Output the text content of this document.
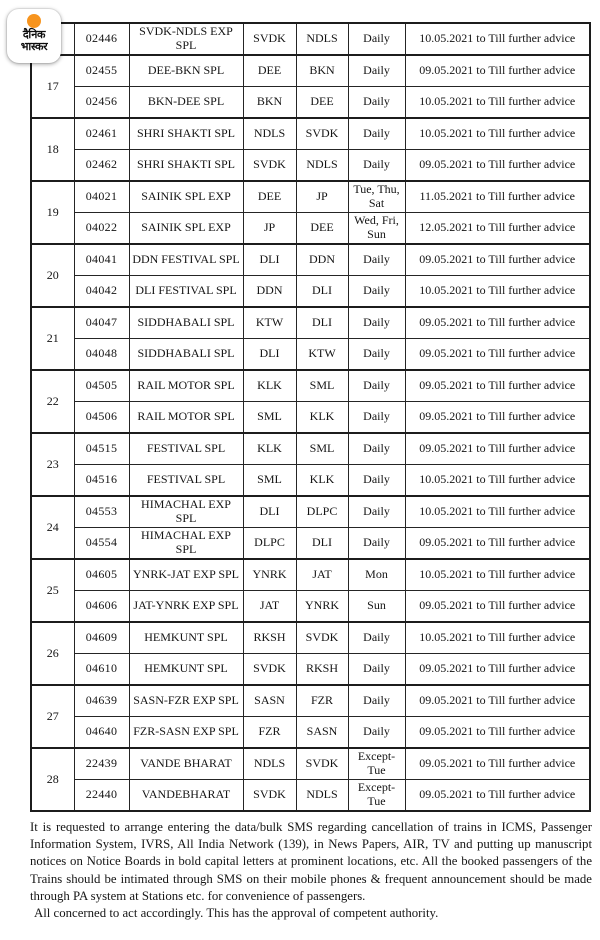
	02446	SVDK-NDLS EXP SPL	SVDK	NDLS	Daily	10.05.2021 to Till further advice
17	02455	DEE-BKN SPL	DEE	BKN	Daily	09.05.2021 to Till further advice
	02456	BKN-DEE SPL	BKN	DEE	Daily	10.05.2021 to Till further advice
18	02461	SHRI SHAKTI SPL	NDLS	SVDK	Daily	10.05.2021 to Till further advice
	02462	SHRI SHAKTI SPL	SVDK	NDLS	Daily	09.05.2021 to Till further advice
19	04021	SAINIK SPL EXP	DEE	JP	Tue, Thu, Sat	11.05.2021 to Till further advice
	04022	SAINIK SPL EXP	JP	DEE	Wed, Fri, Sun	12.05.2021 to Till further advice
20	04041	DDN FESTIVAL SPL	DLI	DDN	Daily	09.05.2021 to Till further advice
	04042	DLI FESTIVAL SPL	DDN	DLI	Daily	10.05.2021 to Till further advice
21	04047	SIDDHABALI SPL	KTW	DLI	Daily	09.05.2021 to Till further advice
	04048	SIDDHABALI SPL	DLI	KTW	Daily	09.05.2021 to Till further advice
22	04505	RAIL MOTOR SPL	KLK	SML	Daily	09.05.2021 to Till further advice
	04506	RAIL MOTOR SPL	SML	KLK	Daily	09.05.2021 to Till further advice
23	04515	FESTIVAL SPL	KLK	SML	Daily	09.05.2021 to Till further advice
	04516	FESTIVAL SPL	SML	KLK	Daily	10.05.2021 to Till further advice
24	04553	HIMACHAL EXP SPL	DLI	DLPC	Daily	10.05.2021 to Till further advice
	04554	HIMACHAL EXP SPL	DLPC	DLI	Daily	09.05.2021 to Till further advice
25	04605	YNRK-JAT EXP SPL	YNRK	JAT	Mon	10.05.2021 to Till further advice
	04606	JAT-YNRK EXP SPL	JAT	YNRK	Sun	09.05.2021 to Till further advice
26	04609	HEMKUNT SPL	RKSH	SVDK	Daily	10.05.2021 to Till further advice
	04610	HEMKUNT SPL	SVDK	RKSH	Daily	09.05.2021 to Till further advice
27	04639	SASN-FZR EXP SPL	SASN	FZR	Daily	09.05.2021 to Till further advice
	04640	FZR-SASN EXP SPL	FZR	SASN	Daily	09.05.2021 to Till further advice
28	22439	VANDE BHARAT	NDLS	SVDK	Except-Tue	09.05.2021 to Till further advice
	22440	VANDEBHARAT	SVDK	NDLS	Except-Tue	09.05.2021 to Till further advice
दैनिक
भास्कर

It is requested to arrange entering the data/bulk SMS regarding cancellation of trains in ICMS, Passenger Information System, IVRS, All India Network (139), in News Papers, AIR, TV and putting up manuscript notices on Notice Boards in bold capital letters at prominent locations, etc. All the booked passengers of the Trains should be intimated through SMS on their mobile phones & frequent announcement should be made through PA system at Stations etc. for convenience of passengers.

All concerned to act accordingly. This has the approval of competent authority.
